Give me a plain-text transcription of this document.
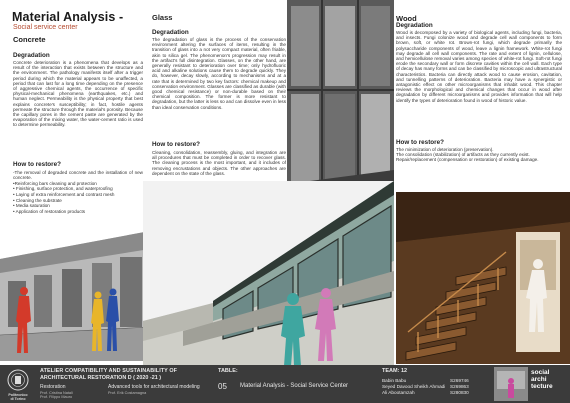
Material Analysis -
Social service center
Concrete
Degradation
Concrete deterioration is a phenomena that develops as a result of the interaction that exists between the structure and the environment. The pathology manifests itself after a trigger period during which the material appears to be unaffected, a period that can last for a long time depending on the presence of aggressive chemical agents, the occurrence of specific physical-mechanical phenomena (earthquakes, etc.) and human neglect. Permeability is the physical property that best explains concrete's susceptibility; in fact, hostile agents permeate the structure through the material's porosity. Because the capillary pores in the cement paste are generated by the evaporation of the mixing water, the water-cement ratio is used to determine permeability.
How to restore?
-The removal of degraded concrete and the installation of new concrete.
•Reinforcing bars cleaning and protection
• Finishing, surface protection, and waterproofing
• Laying of extra reinforcement and contrast mesh
• Cleaning the substrate
• Media saturation
• Application of restoration products
Glass
Degradation
The degradation of glass is the process of the conservation environment altering the surfaces of items, resulting in the transition of glass into a not very compact material, often friable, akin to silica gel. The phenomenon's progression may result in the artifact's full disintegration. Glasses, on the other hand, are generally resistant to deterioration over time; only hydrofluoric acid and alkaline solutions cause them to degrade quickly. They do, however, decay slowly, according to mechanisms and at a rate that is determined by two key factors: chemical makeup and conservation environment. Glasses are classified as durable (with good chemical resistance) or non-durable based on their chemical composition. The former is more resistant to degradation, but the latter is less so and can dissolve even in less than ideal conservation conditions.
How to restore?
Cleaning, consolidation, reassembly, gluing, and integration are all procedures that must be completed in order to recover glass. The cleaning process is the most important, and it includes of removing encrustations and objects. The other approaches are dependent on the state of the glass.
Wood
Degradation
Wood is decomposed by a variety of biological agents, including fungi, bacteria, and insects. Fungi colonize wood and degrade cell wall components to form brown, soft, or white rot. Brown-rot fungi, which degrade primarily the polysaccharide components of wood, leave a lignin framework. White-rot fungi may degrade all cell wall components. The rate and extent of lignin, cellulose, and hemicellulose removal varies among species of white-rot fungi. Soft-rot fungi erode the secondary wall or form discrete cavities within the cell wall. Each type of decay has many forms and can be classified by microscopic and ultrastructural characteristics. Bacteria can directly attack wood to cause erosion, cavitation, and tunnelling patterns of deterioration. Bacteria may have a synergistic or antagonistic effect on other microorganisms that inhabit wood. This chapter reviews the morphological and chemical changes that occur in wood after degradation by different microorganisms and provides information that will help identify the types of deterioration found in wood of historic value.
How to restore?
The minimization of deterioration (preservation).
The consolidation (stabilization) of artifacts as they currently exist.
Repair/replacement (compensation or restoration) of existing damage.
Politecnico
di Torino
ATELIER COMPATIBILITY AND SUSTAINABILITY OF
ARCHITECTURAL RESTORATION D ( 2020 -21 )
Restoration
Prof. Cristina Natali
Prof. Filippo Mauro
Advanced tools for architectural modeling
Prof. Erik Costamagna
TABLE:
05 Material Analysis - Social Service Center
TEAM: 12
Babin Babu
Seyed Davood Sheikh Ahmadi
Ali Abootamzah
S269746
S269863
S280830
social
archi
tecture
